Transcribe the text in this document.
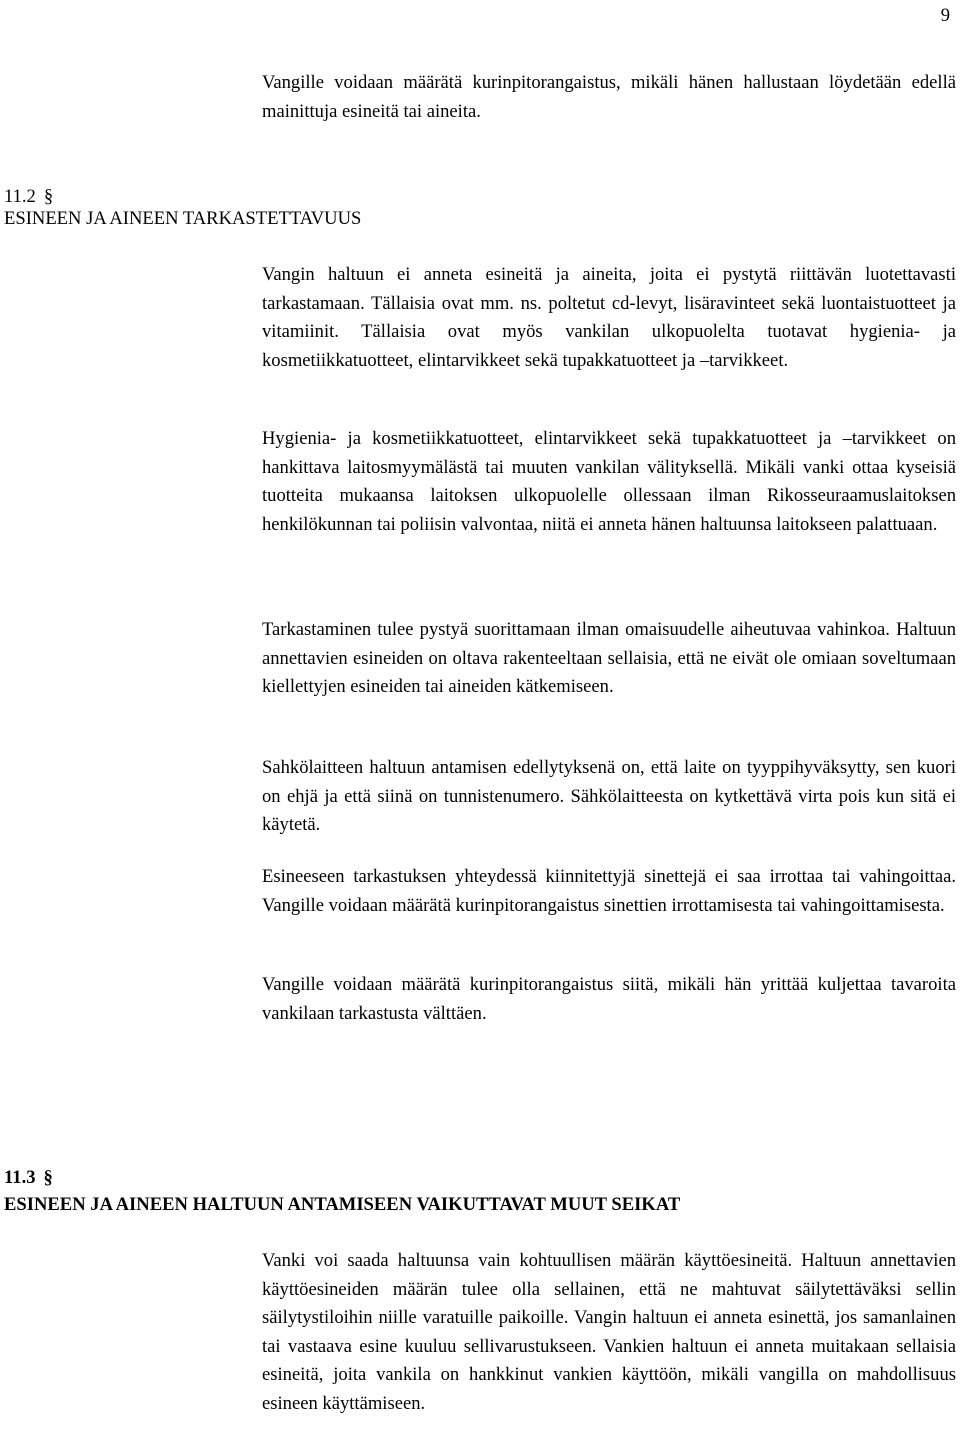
9

Vangille voidaan määrätä kurinpitorangaistus, mikäli hänen hallustaan löydetään edellä mainittuja esineitä tai aineita.

11.2 §
ESINEEN JA AINEEN TARKASTETTAVUUS

Vangin haltuun ei anneta esineitä ja aineita, joita ei pystytä riittävän luotettavasti tarkastamaan. Tällaisia ovat mm. ns. poltetut cd-levyt, lisäravinteet sekä luontaistuotteet ja vitamiinit. Tällaisia ovat myös vankilan ulkopuolelta tuotavat hygienia- ja kosmetiikkatuotteet, elintarvikkeet sekä tupakkatuotteet ja –tarvikkeet.

Hygienia- ja kosmetiikkatuotteet, elintarvikkeet sekä tupakkatuotteet ja –tarvikkeet on hankittava laitosmyymälästä tai muuten vankilan välityksellä. Mikäli vanki ottaa kyseisiä tuotteita mukaansa laitoksen ulkopuolelle ollessaan ilman Rikosseuraamuslaitoksen henkilökunnan tai poliisin valvontaa, niitä ei anneta hänen haltuunsa laitokseen palattuaan.

Tarkastaminen tulee pystyä suorittamaan ilman omaisuudelle aiheutuvaa vahinkoa. Haltuun annettavien esineiden on oltava rakenteeltaan sellaisia, että ne eivät ole omiaan soveltumaan kiellettyjen esineiden tai aineiden kätkemiseen.

Sahkölaitteen haltuun antamisen edellytyksenä on, että laite on tyyppihyväksytty, sen kuori on ehjä ja että siinä on tunnistenumero. Sähkölaitteesta on kytkettävä virta pois kun sitä ei käytetä.

Esineeseen tarkastuksen yhteydessä kiinnitettyjä sinettejä ei saa irrottaa tai vahingoittaa. Vangille voidaan määrätä kurinpitorangaistus sinettien irrottamisesta tai vahingoittamisesta.

Vangille voidaan määrätä kurinpitorangaistus siitä, mikäli hän yrittää kuljettaa tavaroita vankilaan tarkastusta välttäen.

11.3 §
ESINEEN JA AINEEN HALTUUN ANTAMISEEN VAIKUTTAVAT MUUT SEIKAT

Vanki voi saada haltuunsa vain kohtuullisen määrän käyttöesineitä. Haltuun annettavien käyttöesineiden määrän tulee olla sellainen, että ne mahtuvat säilytettäväksi sellin säilytystiloihin niille varatuille paikoille. Vangin haltuun ei anneta esinettä, jos samanlainen tai vastaava esine kuuluu sellivarustukseen. Vankien haltuun ei anneta muitakaan sellaisia esineitä, joita vankila on hankkinut vankien käyttöön, mikäli vangilla on mahdollisuus esineen käyttämiseen.
